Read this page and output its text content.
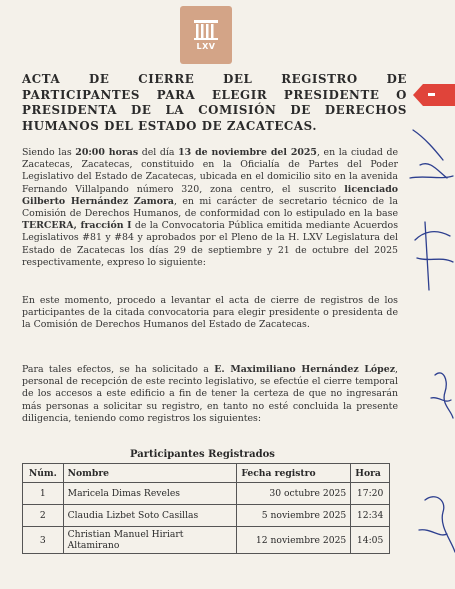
LXV
ACTA DE CIERRE DEL REGISTRO DE PARTICIPANTES PARA ELEGIR PRESIDENTE O PRESIDENTA DE LA COMISIÓN DE DERECHOS HUMANOS DEL ESTADO DE ZACATECAS.
Siendo las 20:00 horas del día 13 de noviembre del 2025, en la ciudad de Zacatecas, Zacatecas, constituido en la Oficialía de Partes del Poder Legislativo del Estado de Zacatecas, ubicada en el domicilio sito en la avenida Fernando Villalpando número 320, zona centro, el suscrito licenciado Gilberto Hernández Zamora, en mi carácter de secretario técnico de la Comisión de Derechos Humanos, de conformidad con lo estipulado en la base TERCERA, fracción I de la Convocatoria Pública emitida mediante Acuerdos Legislativos #81 y #84 y aprobados por el Pleno de la H. LXV Legislatura del Estado de Zacatecas los días 29 de septiembre y 21 de octubre del 2025 respectivamente, expreso lo siguiente:
En este momento, procedo a levantar el acta de cierre de registros de los participantes de la citada convocatoria para elegir presidente o presidenta de la Comisión de Derechos Humanos del Estado de Zacatecas.
Para tales efectos, se ha solicitado a E. Maximiliano Hernández López, personal de recepción de este recinto legislativo, se efectúe el cierre temporal de los accesos a este edificio a fin de tener la certeza de que no ingresarán más personas a solicitar su registro, en tanto no esté concluida la presente diligencia, teniendo como registros los siguientes:
Participantes Registrados
Núm.	Nombre	Fecha registro	Hora
1	Maricela Dimas Reveles	30 octubre 2025	17:20
2	Claudia Lizbet Soto Casillas	5 noviembre 2025	12:34
3	Christian Manuel Hiriart Altamirano	12 noviembre 2025	14:05
